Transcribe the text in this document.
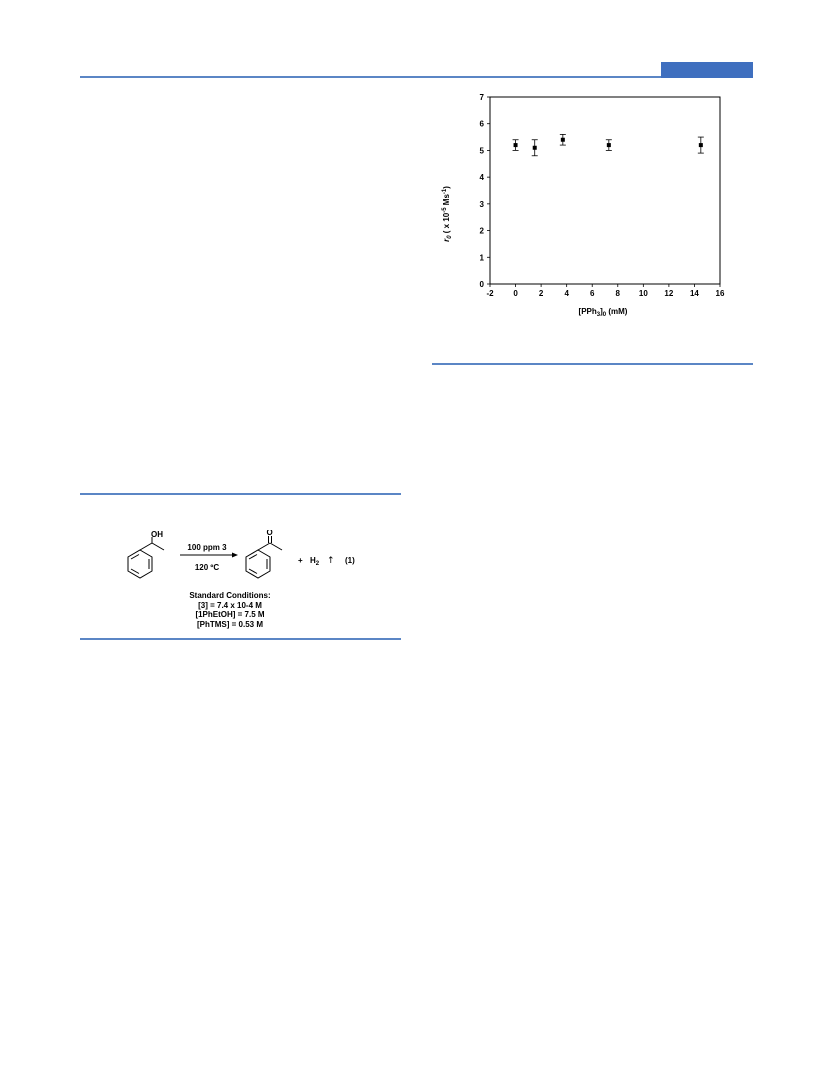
-2 0	2	4	6	8 10 12 14 16
0
1
2
3
4
5
6
7
$[PPh_3]_0$ (mM)
$r_0$ ( x $10^{-5}$ $Ms^{-1}$)
OH
100 ppm 3
120 ºC
O
+ $H_2$ ↑ (1)
Standard Conditions:
[3] = 7.4 x 10-4 M
[1PhEtOH] = 7.5 M
[PhTMS] = 0.53 M
